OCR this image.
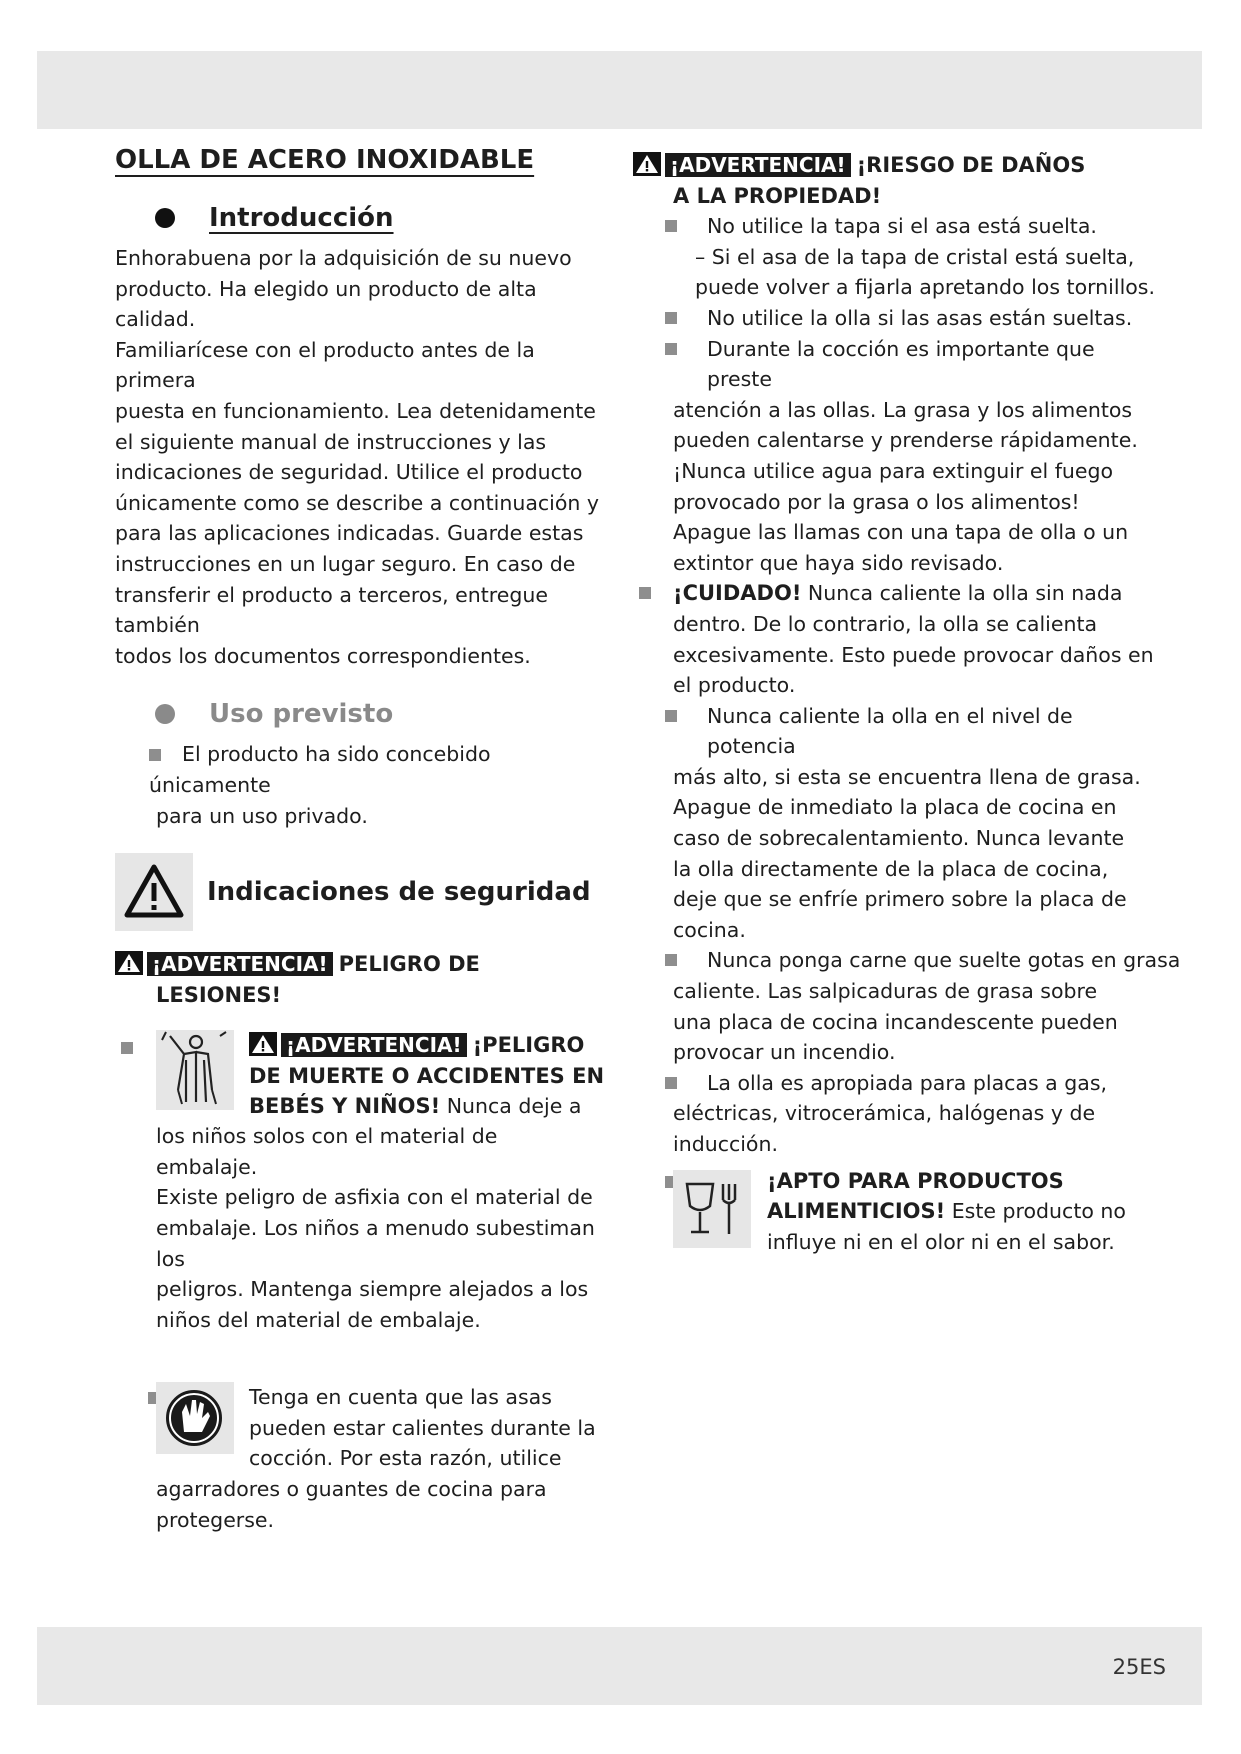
25ES
OLLA DE ACERO INOXIDABLE
Introducción

Enhorabuena por la adquisición de su nuevo

producto. Ha elegido un producto de alta calidad.

Familiarícese con el producto antes de la primera

puesta en funcionamiento. Lea detenidamente

el siguiente manual de instrucciones y las

indicaciones de seguridad. Utilice el producto

únicamente como se describe a continuación y

para las aplicaciones indicadas. Guarde estas

instrucciones en un lugar seguro. En caso de

transferir el producto a terceros, entregue también

todos los documentos correspondientes.

Uso previsto

El producto ha sido concebido únicamente

para un uso privado.

Indicaciones de seguridad

¡ADVERTENCIA! PELIGRO DE

LESIONES!

¡ADVERTENCIA! ¡PELIGRO

DE MUERTE O ACCIDENTES EN

BEBÉS Y NIÑOS! Nunca deje a

los niños solos con el material de embalaje.

Existe peligro de asfixia con el material de

embalaje. Los niños a menudo subestiman los

peligros. Mantenga siempre alejados a los

niños del material de embalaje.

Tenga en cuenta que las asas

pueden estar calientes durante la

cocción. Por esta razón, utilice

agarradores o guantes de cocina para

protegerse.

¡ADVERTENCIA! ¡RIESGO DE DAÑOS

A LA PROPIEDAD!

No utilice la tapa si el asa está suelta.

– Si el asa de la tapa de cristal está suelta,

puede volver a fijarla apretando los tornillos.

No utilice la olla si las asas están sueltas.

Durante la cocción es importante que preste

atención a las ollas. La grasa y los alimentos

pueden calentarse y prenderse rápidamente.

¡Nunca utilice agua para extinguir el fuego

provocado por la grasa o los alimentos!

Apague las llamas con una tapa de olla o un

extintor que haya sido revisado.

¡CUIDADO! Nunca caliente la olla sin nada

dentro. De lo contrario, la olla se calienta

excesivamente. Esto puede provocar daños en

el producto.

Nunca caliente la olla en el nivel de potencia

más alto, si esta se encuentra llena de grasa.

Apague de inmediato la placa de cocina en

caso de sobrecalentamiento. Nunca levante

la olla directamente de la placa de cocina,

deje que se enfríe primero sobre la placa de

cocina.

Nunca ponga carne que suelte gotas en grasa

caliente. Las salpicaduras de grasa sobre

una placa de cocina incandescente pueden

provocar un incendio.

La olla es apropiada para placas a gas,

eléctricas, vitrocerámica, halógenas y de

inducción.

¡APTO PARA PRODUCTOS

ALIMENTICIOS! Este producto no

influye ni en el olor ni en el sabor.
